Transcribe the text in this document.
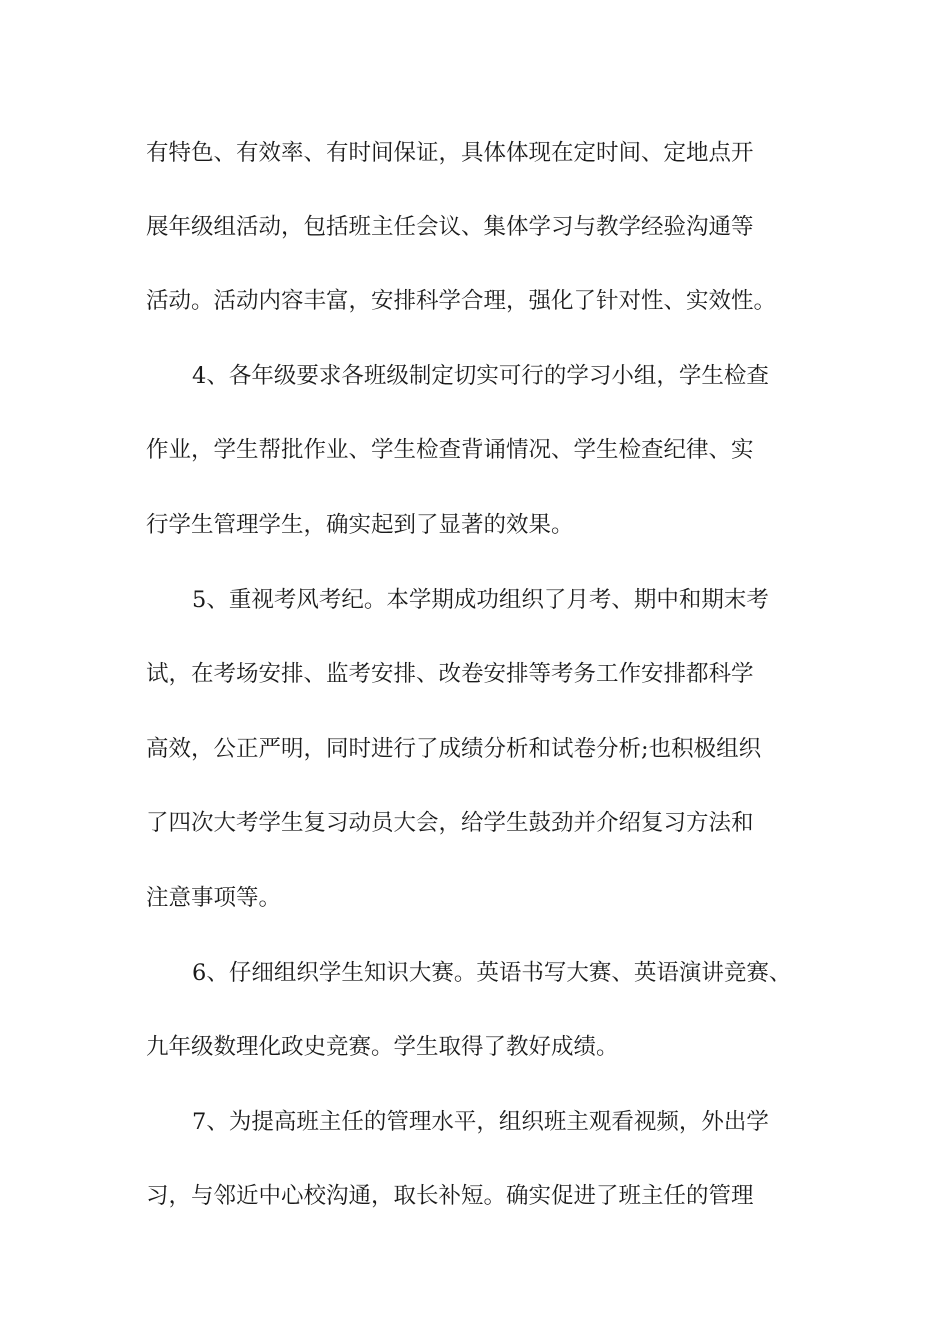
有特色、有效率、有时间保证，具体体现在定时间、定地点开
展年级组活动，包括班主任会议、集体学习与教学经验沟通等
活动。活动内容丰富，安排科学合理，强化了针对性、实效性。
4、各年级要求各班级制定切实可行的学习小组，学生检查
作业，学生帮批作业、学生检查背诵情况、学生检查纪律、实
行学生管理学生，确实起到了显著的效果。
5、重视考风考纪。本学期成功组织了月考、期中和期末考
试，在考场安排、监考安排、改卷安排等考务工作安排都科学
高效，公正严明，同时进行了成绩分析和试卷分析;也积极组织
了四次大考学生复习动员大会，给学生鼓劲并介绍复习方法和
注意事项等。
6、仔细组织学生知识大赛。英语书写大赛、英语演讲竞赛、
九年级数理化政史竞赛。学生取得了教好成绩。
7、为提高班主任的管理水平，组织班主观看视频，外出学
习，与邻近中心校沟通，取长补短。确实促进了班主任的管理
